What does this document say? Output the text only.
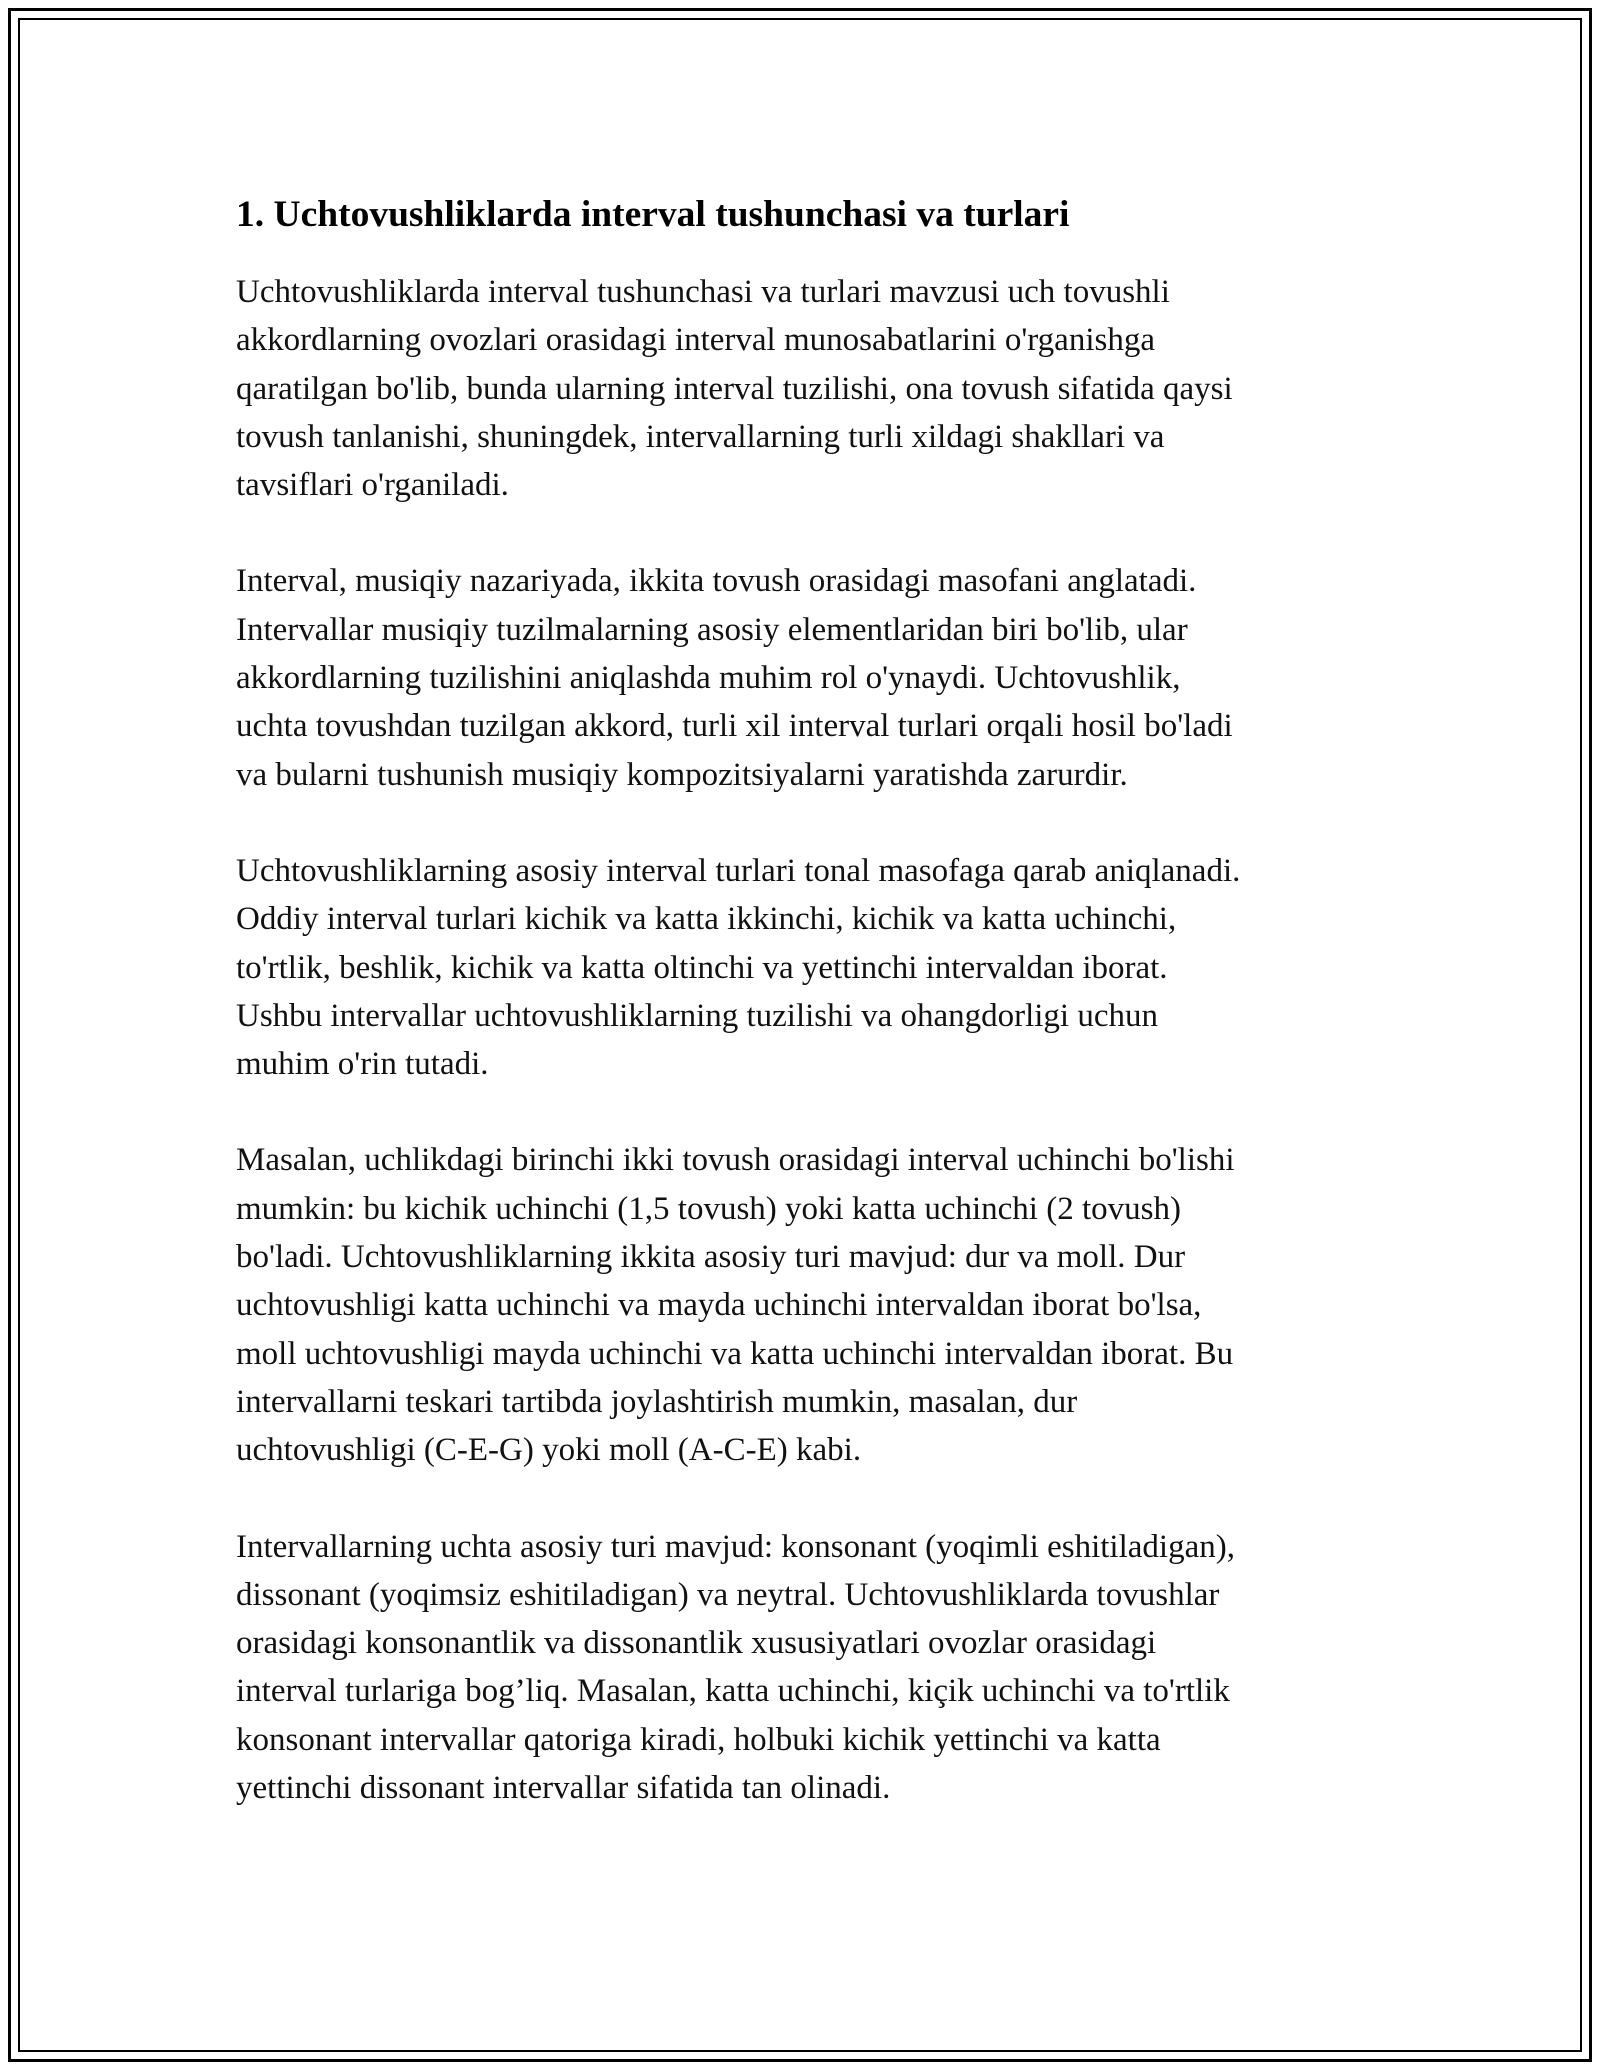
1. Uchtovushliklarda interval tushunchasi va turlari

Uchtovushliklarda interval tushunchasi va turlari mavzusi uch tovushli
akkordlarning ovozlari orasidagi interval munosabatlarini o'rganishga
qaratilgan bo'lib, bunda ularning interval tuzilishi, ona tovush sifatida qaysi
tovush tanlanishi, shuningdek, intervallarning turli xildagi shakllari va
tavsiflari o'rganiladi.

Interval, musiqiy nazariyada, ikkita tovush orasidagi masofani anglatadi.
Intervallar musiqiy tuzilmalarning asosiy elementlaridan biri bo'lib, ular
akkordlarning tuzilishini aniqlashda muhim rol o'ynaydi. Uchtovushlik,
uchta tovushdan tuzilgan akkord, turli xil interval turlari orqali hosil bo'ladi
va bularni tushunish musiqiy kompozitsiyalarni yaratishda zarurdir.

Uchtovushliklarning asosiy interval turlari tonal masofaga qarab aniqlanadi.
Oddiy interval turlari kichik va katta ikkinchi, kichik va katta uchinchi,
to'rtlik, beshlik, kichik va katta oltinchi va yettinchi intervaldan iborat.
Ushbu intervallar uchtovushliklarning tuzilishi va ohangdorligi uchun
muhim o'rin tutadi.

Masalan, uchlikdagi birinchi ikki tovush orasidagi interval uchinchi bo'lishi
mumkin: bu kichik uchinchi (1,5 tovush) yoki katta uchinchi (2 tovush)
bo'ladi. Uchtovushliklarning ikkita asosiy turi mavjud: dur va moll. Dur
uchtovushligi katta uchinchi va mayda uchinchi intervaldan iborat bo'lsa,
moll uchtovushligi mayda uchinchi va katta uchinchi intervaldan iborat. Bu
intervallarni teskari tartibda joylashtirish mumkin, masalan, dur
uchtovushligi (C-E-G) yoki moll (A-C-E) kabi.

Intervallarning uchta asosiy turi mavjud: konsonant (yoqimli eshitiladigan),
dissonant (yoqimsiz eshitiladigan) va neytral. Uchtovushliklarda tovushlar
orasidagi konsonantlik va dissonantlik xususiyatlari ovozlar orasidagi
interval turlariga bog’liq. Masalan, katta uchinchi, kiçik uchinchi va to'rtlik
konsonant intervallar qatoriga kiradi, holbuki kichik yettinchi va katta
yettinchi dissonant intervallar sifatida tan olinadi.
